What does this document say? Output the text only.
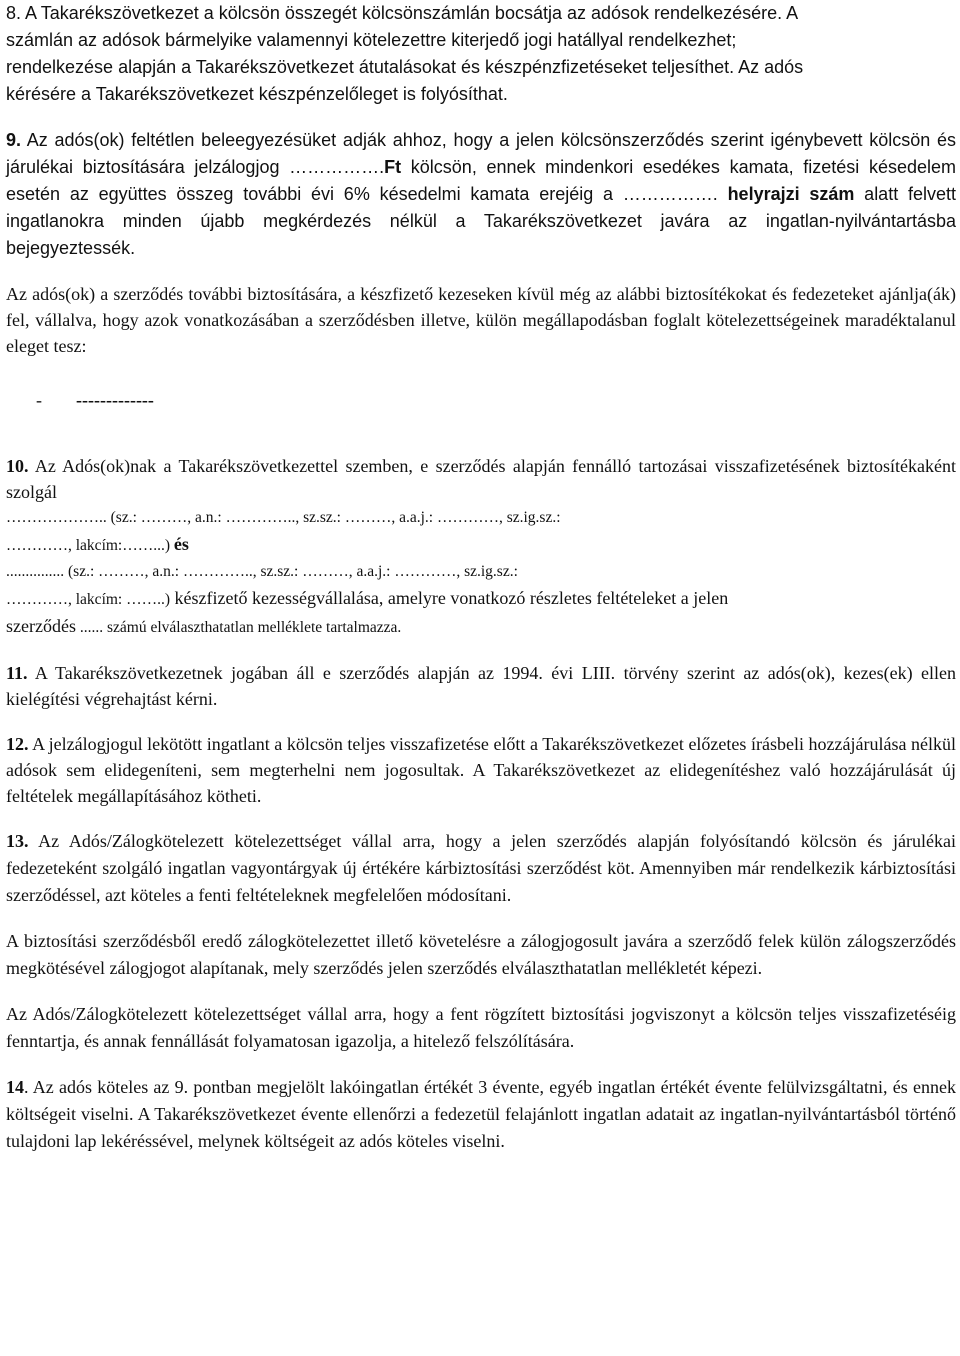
8. A Takarékszövetkezet a kölcsön összegét kölcsönszámlán bocsátja az adósok rendelkezésére. A

számlán az adósok bármelyike valamennyi kötelezettre kiterjedő jogi hatállyal rendelkezhet;

rendelkezése alapján a Takarékszövetkezet átutalásokat és készpénzfizetéseket teljesíthet. Az adós

kérésére a Takarékszövetkezet készpénzelőleget is folyósíthat.

9. Az adós(ok) feltétlen beleegyezésüket adják ahhoz, hogy a jelen kölcsönszerződés szerint igénybevett kölcsön és járulékai biztosítására jelzálogjog …………….Ft kölcsön, ennek mindenkori esedékes kamata, fizetési késedelem esetén az együttes összeg további évi 6% késedelmi kamata erejéig a ……………. helyrajzi szám alatt felvett ingatlanokra minden újabb megkérdezés nélkül a Takarékszövetkezet javára az ingatlan-nyilvántartásba bejegyeztessék.

Az adós(ok) a szerződés további biztosítására, a készfizető kezeseken kívül még az alábbi biztosítékokat és fedezeteket ajánlja(ák) fel, vállalva, hogy azok vonatkozásában a szerződésben illetve, külön megállapodásban foglalt kötelezettségeinek maradéktalanul eleget tesz:

- -------------

10. Az Adós(ok)nak a Takarékszövetkezettel szemben, e szerződés alapján fennálló tartozásai visszafizetésének biztosítékaként szolgál

……………….. (sz.: ………, a.n.: ………….., sz.sz.: ………, a.a.j.: …………, sz.ig.sz.:

…………, lakcím:……...) és

............... (sz.: ………, a.n.: ………….., sz.sz.: ………, a.a.j.: …………, sz.ig.sz.:

…………, lakcím: ……..) készfizető kezességvállalása, amelyre vonatkozó részletes feltételeket a jelen

szerződés ...... számú elválaszthatatlan melléklete tartalmazza.

11. A Takarékszövetkezetnek jogában áll e szerződés alapján az 1994. évi LIII. törvény szerint az adós(ok), kezes(ek) ellen kielégítési végrehajtást kérni.

12. A jelzálogjogul lekötött ingatlant a kölcsön teljes visszafizetése előtt a Takarékszövetkezet előzetes írásbeli hozzájárulása nélkül adósok sem elidegeníteni, sem megterhelni nem jogosultak. A Takarékszövetkezet az elidegenítéshez való hozzájárulását új feltételek megállapításához kötheti.

13. Az Adós/Zálogkötelezett kötelezettséget vállal arra, hogy a jelen szerződés alapján folyósítandó kölcsön és járulékai fedezeteként szolgáló ingatlan vagyontárgyak új értékére kárbiztosítási szerződést köt. Amennyiben már rendelkezik kárbiztosítási szerződéssel, azt köteles a fenti feltételeknek megfelelően módosítani.

A biztosítási szerződésből eredő zálogkötelezettet illető követelésre a zálogjogosult javára a szerződő felek külön zálogszerződés megkötésével zálogjogot alapítanak, mely szerződés jelen szerződés elválaszthatatlan mellékletét képezi.

Az Adós/Zálogkötelezett kötelezettséget vállal arra, hogy a fent rögzített biztosítási jogviszonyt a kölcsön teljes visszafizetéséig fenntartja, és annak fennállását folyamatosan igazolja, a hitelező felszólítására.

14. Az adós köteles az 9. pontban megjelölt lakóingatlan értékét 3 évente, egyéb ingatlan értékét évente felülvizsgáltatni, és ennek költségeit viselni. A Takarékszövetkezet évente ellenőrzi a fedezetül felajánlott ingatlan adatait az ingatlan-nyilvántartásból történő tulajdoni lap lekéréssével, melynek költségeit az adós köteles viselni.
